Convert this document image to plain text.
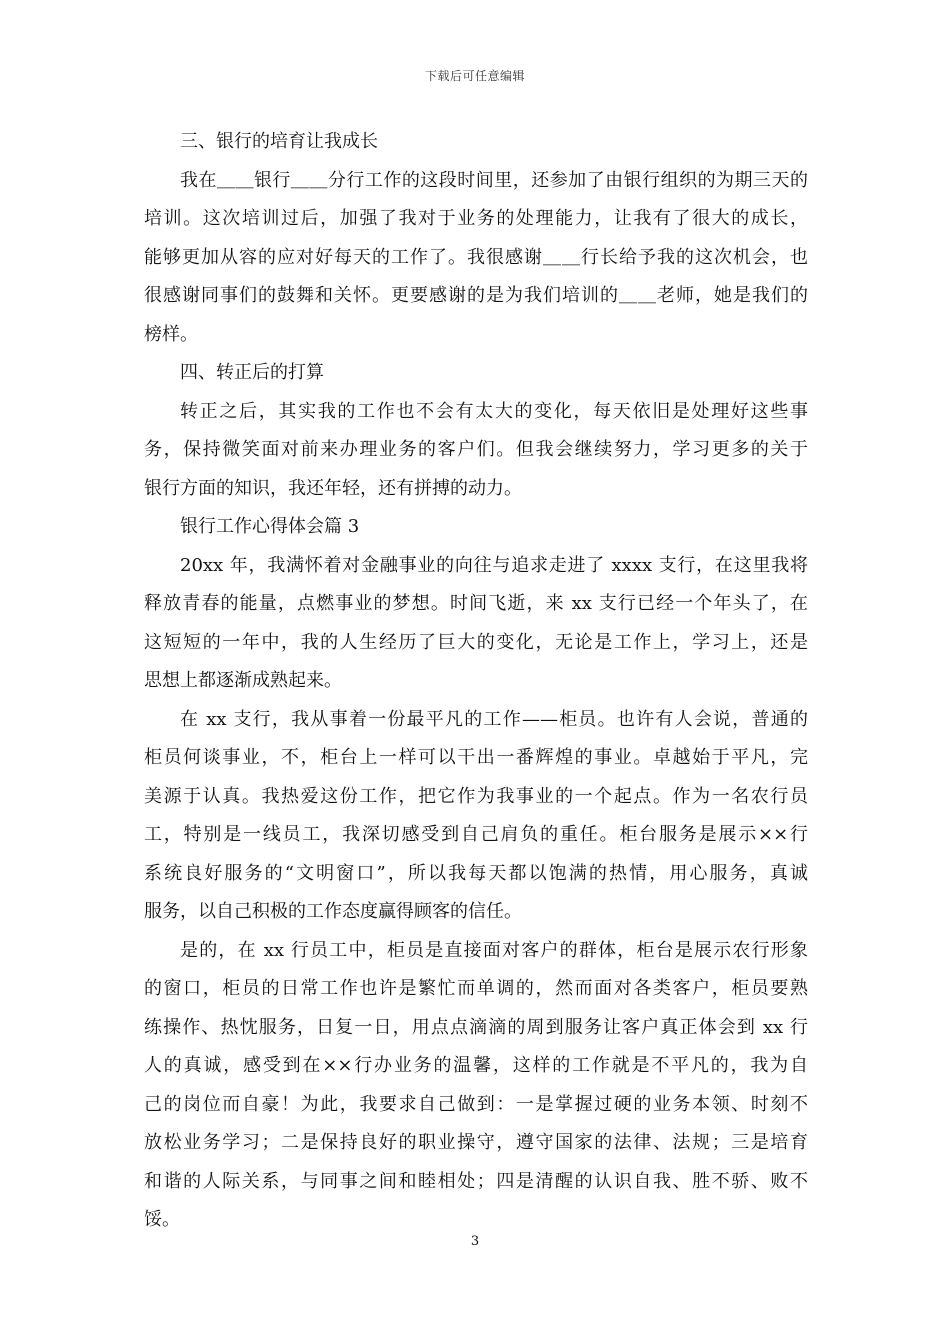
下载后可任意编辑
三、银行的培育让我成长
我在＿＿银行＿＿分行工作的这段时间里，还参加了由银行组织的为期三天的
培训。这次培训过后，加强了我对于业务的处理能力，让我有了很大的成长，
能够更加从容的应对好每天的工作了。我很感谢＿＿行长给予我的这次机会，也
很感谢同事们的鼓舞和关怀。更要感谢的是为我们培训的＿＿老师，她是我们的
榜样。
四、转正后的打算
转正之后，其实我的工作也不会有太大的变化，每天依旧是处理好这些事
务，保持微笑面对前来办理业务的客户们。但我会继续努力，学习更多的关于
银行方面的知识，我还年轻，还有拼搏的动力。
银行工作心得体会篇 3
20xx 年，我满怀着对金融事业的向往与追求走进了 xxxx 支行，在这里我将
释放青春的能量，点燃事业的梦想。时间飞逝，来 xx 支行已经一个年头了，在
这短短的一年中，我的人生经历了巨大的变化，无论是工作上，学习上，还是
思想上都逐渐成熟起来。
在 xx 支行，我从事着一份最平凡的工作——柜员。也许有人会说，普通的
柜员何谈事业，不，柜台上一样可以干出一番辉煌的事业。卓越始于平凡，完
美源于认真。我热爱这份工作，把它作为我事业的一个起点。作为一名农行员
工，特别是一线员工，我深切感受到自己肩负的重任。柜台服务是展示××行
系统良好服务的“文明窗口”，所以我每天都以饱满的热情，用心服务，真诚
服务，以自己积极的工作态度赢得顾客的信任。
是的，在 xx 行员工中，柜员是直接面对客户的群体，柜台是展示农行形象
的窗口，柜员的日常工作也许是繁忙而单调的，然而面对各类客户，柜员要熟
练操作、热忱服务，日复一日，用点点滴滴的周到服务让客户真正体会到 xx 行
人的真诚，感受到在××行办业务的温馨，这样的工作就是不平凡的，我为自
己的岗位而自豪！为此，我要求自己做到：一是掌握过硬的业务本领、时刻不
放松业务学习；二是保持良好的职业操守，遵守国家的法律、法规；三是培育
和谐的人际关系，与同事之间和睦相处；四是清醒的认识自我、胜不骄、败不
馁。
3
